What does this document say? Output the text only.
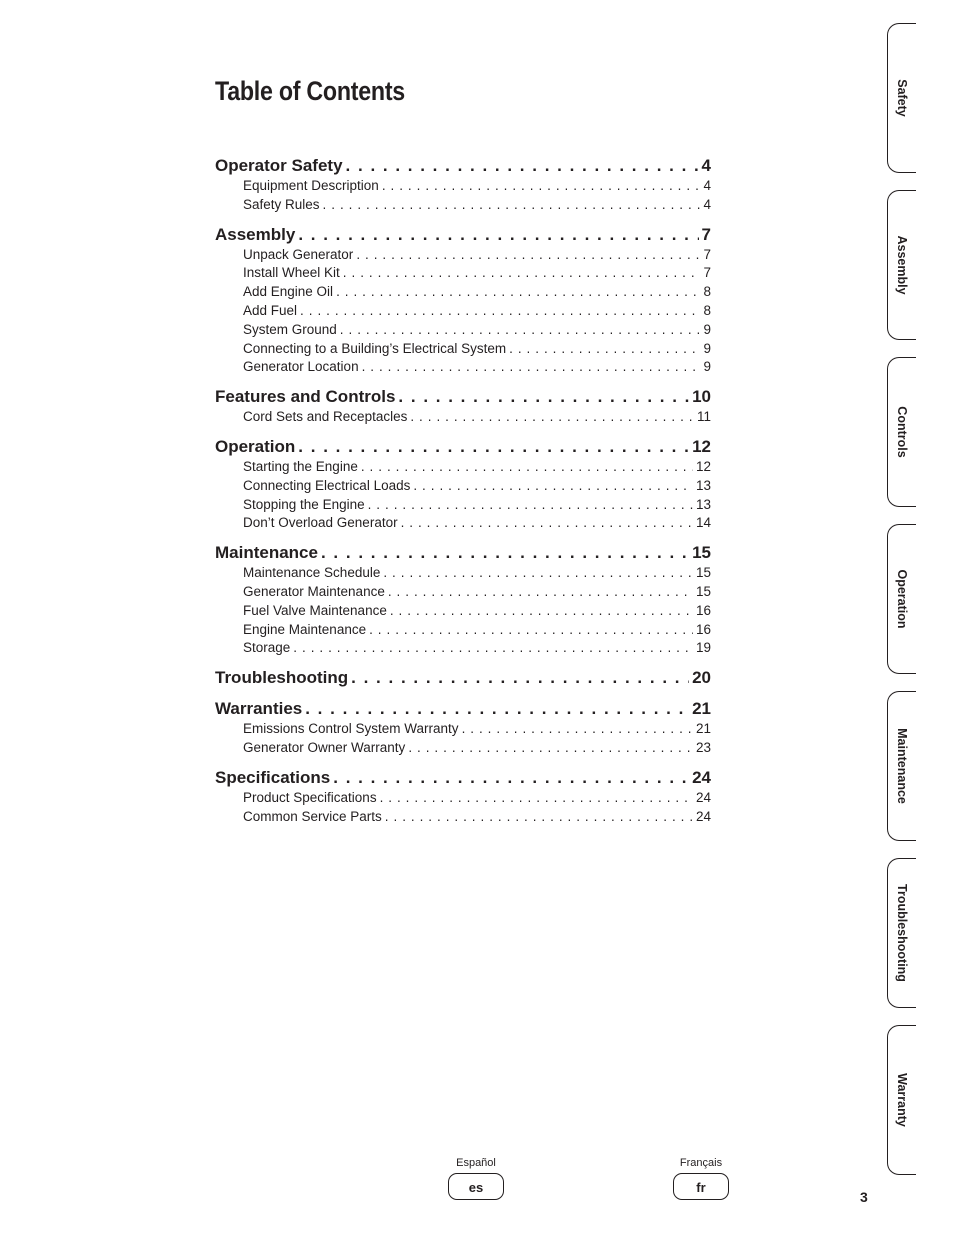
Table of Contents
Operator Safety . . .	4
Equipment Description . . .	4
Safety Rules . . .	4
Assembly . . .	7
Unpack Generator . . .	7
Install Wheel Kit . . .	7
Add Engine Oil . . .	8
Add Fuel . . .	8
System Ground . . .	9
Connecting to a Building’s Electrical System . . .	9
Generator Location . . .	9
Features and Controls . . .	10
Cord Sets and Receptacles . . .	11
Operation . . .	12
Starting the Engine . . .	12
Connecting Electrical Loads . . .	13
Stopping the Engine . . .	13
Don’t Overload Generator . . .	14
Maintenance . . .	15
Maintenance Schedule . . .	15
Generator Maintenance . . .	15
Fuel Valve Maintenance . . .	16
Engine Maintenance . . .	16
Storage . . .	19
Troubleshooting . . .	20
Warranties . . .	21
Emissions Control System Warranty . . .	21
Generator Owner Warranty . . .	23
Specifications . . .	24
Product Specifications . . .	24
Common Service Parts . . .	24
Safety
Assembly
Controls
Operation
Maintenance
Troubleshooting
Warranty
Español
es
Français
fr
3
